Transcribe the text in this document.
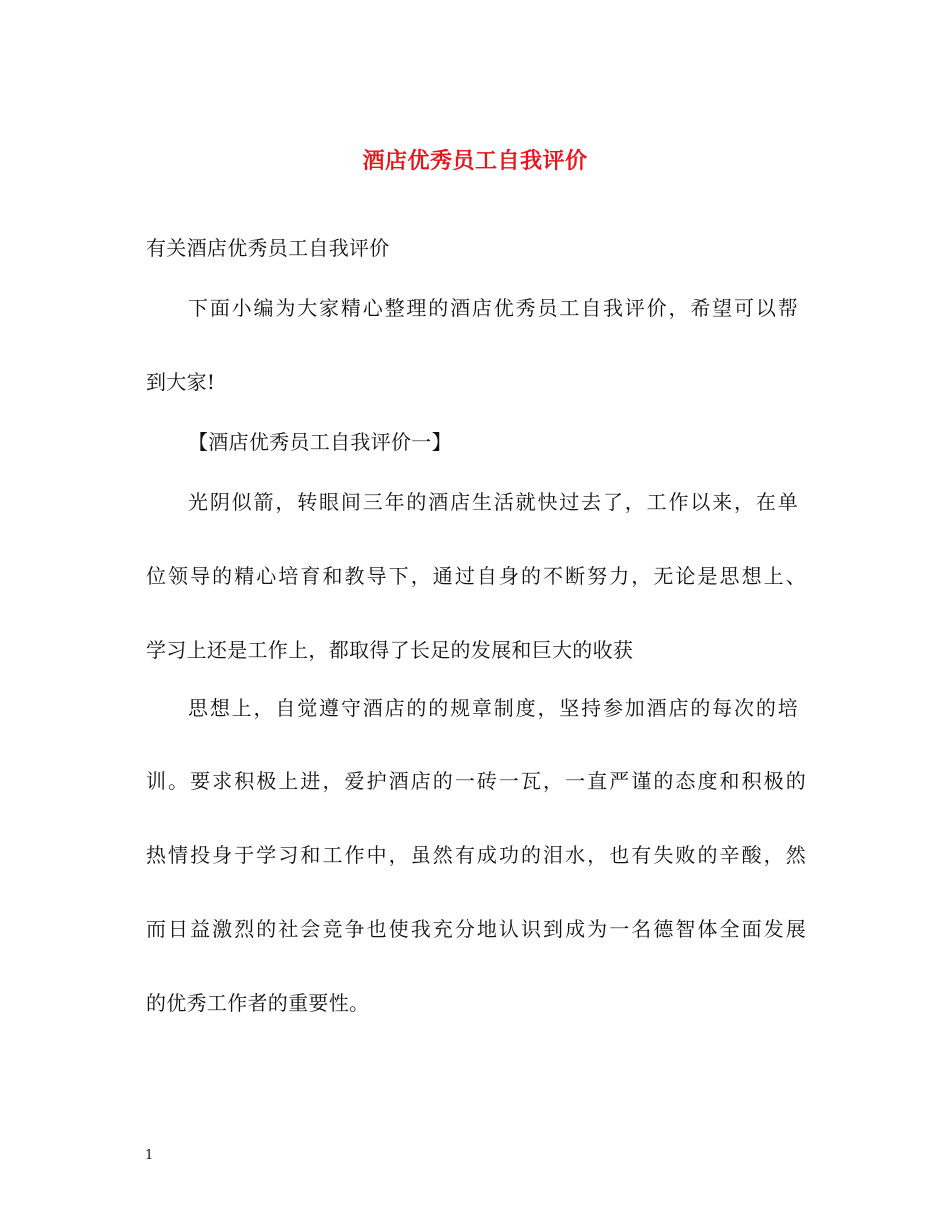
酒店优秀员工自我评价
有关酒店优秀员工自我评价
下面小编为大家精心整理的酒店优秀员工自我评价，希望可以帮
到大家!
【酒店优秀员工自我评价一】
光阴似箭，转眼间三年的酒店生活就快过去了，工作以来，在单
位领导的精心培育和教导下，通过自身的不断努力，无论是思想上、
学习上还是工作上，都取得了长足的发展和巨大的收获
思想上，自觉遵守酒店的的规章制度，坚持参加酒店的每次的培
训。要求积极上进，爱护酒店的一砖一瓦，一直严谨的态度和积极的
热情投身于学习和工作中，虽然有成功的泪水，也有失败的辛酸，然
而日益激烈的社会竞争也使我充分地认识到成为一名德智体全面发展
的优秀工作者的重要性。
1
